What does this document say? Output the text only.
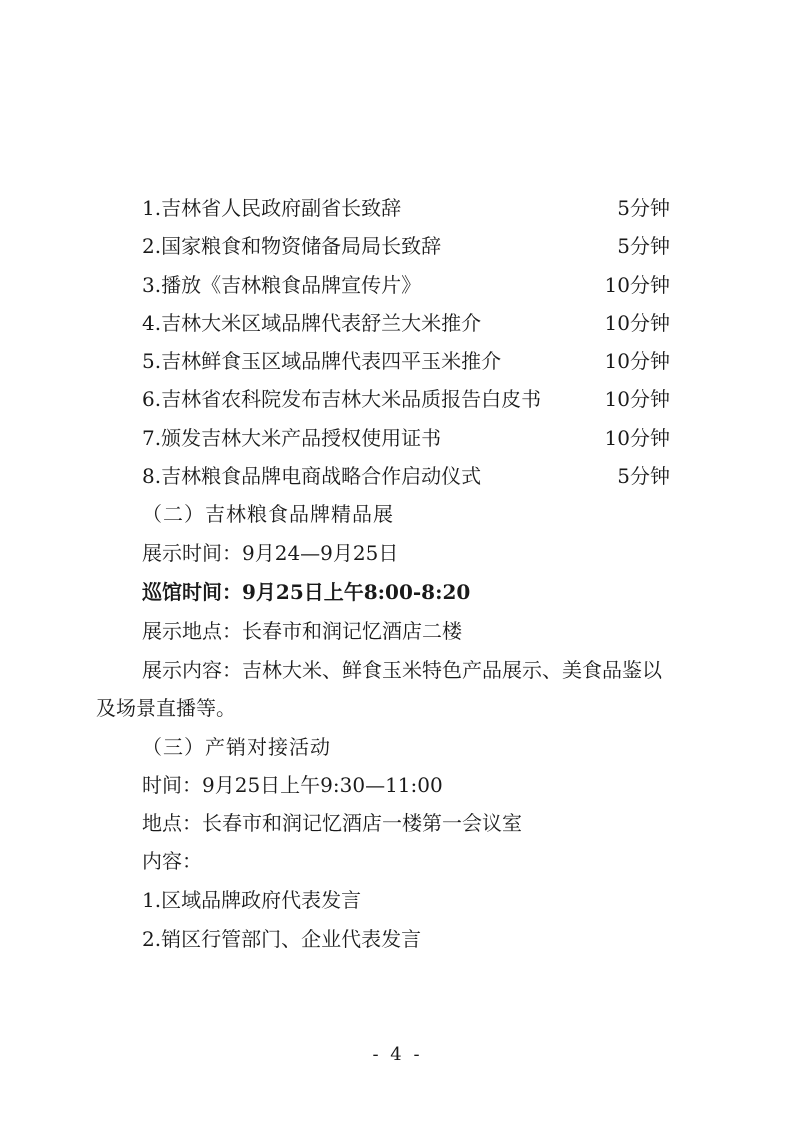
1.吉林省人民政府副省长致辞	5分钟
2.国家粮食和物资储备局局长致辞	5分钟
3.播放《吉林粮食品牌宣传片》	10分钟
4.吉林大米区域品牌代表舒兰大米推介	10分钟
5.吉林鲜食玉区域品牌代表四平玉米推介	10分钟
6.吉林省农科院发布吉林大米品质报告白皮书	10分钟
7.颁发吉林大米产品授权使用证书	10分钟
8.吉林粮食品牌电商战略合作启动仪式	5分钟
（二）吉林粮食品牌精品展
展示时间：9月24—9月25日
巡馆时间：9月25日上午8:00-8:20
展示地点：长春市和润记忆酒店二楼
展示内容：吉林大米、鲜食玉米特色产品展示、美食品鉴以
及场景直播等。
（三）产销对接活动
时间：9月25日上午9:30—11:00
地点：长春市和润记忆酒店一楼第一会议室
内容：
1.区域品牌政府代表发言
2.销区行管部门、企业代表发言
- 4 -
